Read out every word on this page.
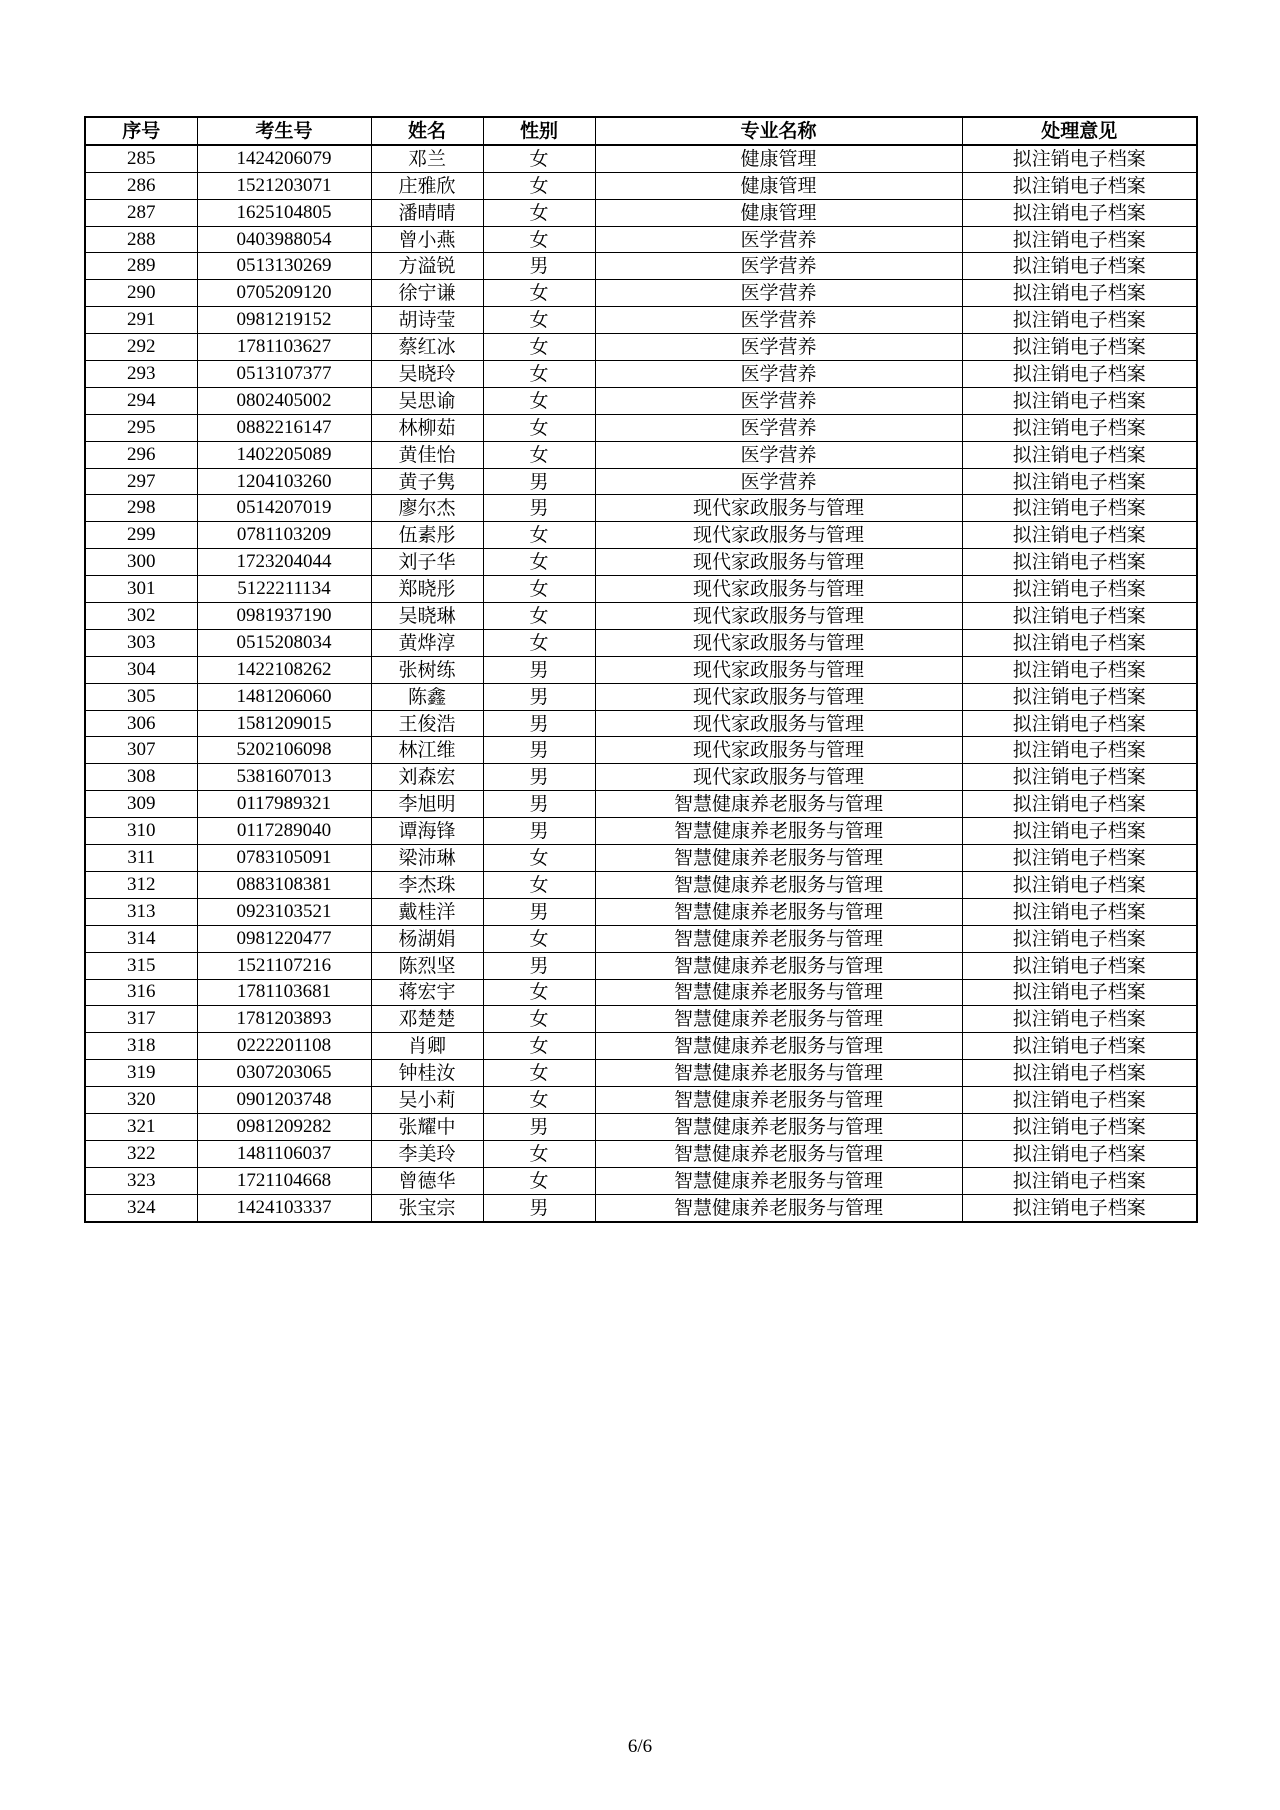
序号	考生号	姓名	性别	专业名称	处理意见
285	1424206079	邓兰	女	健康管理	拟注销电子档案
286	1521203071	庄雅欣	女	健康管理	拟注销电子档案
287	1625104805	潘晴晴	女	健康管理	拟注销电子档案
288	0403988054	曾小燕	女	医学营养	拟注销电子档案
289	0513130269	方溢锐	男	医学营养	拟注销电子档案
290	0705209120	徐宁谦	女	医学营养	拟注销电子档案
291	0981219152	胡诗莹	女	医学营养	拟注销电子档案
292	1781103627	蔡红冰	女	医学营养	拟注销电子档案
293	0513107377	吴晓玲	女	医学营养	拟注销电子档案
294	0802405002	吴思谕	女	医学营养	拟注销电子档案
295	0882216147	林柳茹	女	医学营养	拟注销电子档案
296	1402205089	黄佳怡	女	医学营养	拟注销电子档案
297	1204103260	黄子隽	男	医学营养	拟注销电子档案
298	0514207019	廖尔杰	男	现代家政服务与管理	拟注销电子档案
299	0781103209	伍素彤	女	现代家政服务与管理	拟注销电子档案
300	1723204044	刘子华	女	现代家政服务与管理	拟注销电子档案
301	5122211134	郑晓彤	女	现代家政服务与管理	拟注销电子档案
302	0981937190	吴晓琳	女	现代家政服务与管理	拟注销电子档案
303	0515208034	黄烨淳	女	现代家政服务与管理	拟注销电子档案
304	1422108262	张树练	男	现代家政服务与管理	拟注销电子档案
305	1481206060	陈鑫	男	现代家政服务与管理	拟注销电子档案
306	1581209015	王俊浩	男	现代家政服务与管理	拟注销电子档案
307	5202106098	林江维	男	现代家政服务与管理	拟注销电子档案
308	5381607013	刘森宏	男	现代家政服务与管理	拟注销电子档案
309	0117989321	李旭明	男	智慧健康养老服务与管理	拟注销电子档案
310	0117289040	谭海锋	男	智慧健康养老服务与管理	拟注销电子档案
311	0783105091	梁沛琳	女	智慧健康养老服务与管理	拟注销电子档案
312	0883108381	李杰珠	女	智慧健康养老服务与管理	拟注销电子档案
313	0923103521	戴桂洋	男	智慧健康养老服务与管理	拟注销电子档案
314	0981220477	杨湖娟	女	智慧健康养老服务与管理	拟注销电子档案
315	1521107216	陈烈坚	男	智慧健康养老服务与管理	拟注销电子档案
316	1781103681	蒋宏宇	女	智慧健康养老服务与管理	拟注销电子档案
317	1781203893	邓楚楚	女	智慧健康养老服务与管理	拟注销电子档案
318	0222201108	肖卿	女	智慧健康养老服务与管理	拟注销电子档案
319	0307203065	钟桂汝	女	智慧健康养老服务与管理	拟注销电子档案
320	0901203748	吴小莉	女	智慧健康养老服务与管理	拟注销电子档案
321	0981209282	张耀中	男	智慧健康养老服务与管理	拟注销电子档案
322	1481106037	李美玲	女	智慧健康养老服务与管理	拟注销电子档案
323	1721104668	曾德华	女	智慧健康养老服务与管理	拟注销电子档案
324	1424103337	张宝宗	男	智慧健康养老服务与管理	拟注销电子档案
6/6
